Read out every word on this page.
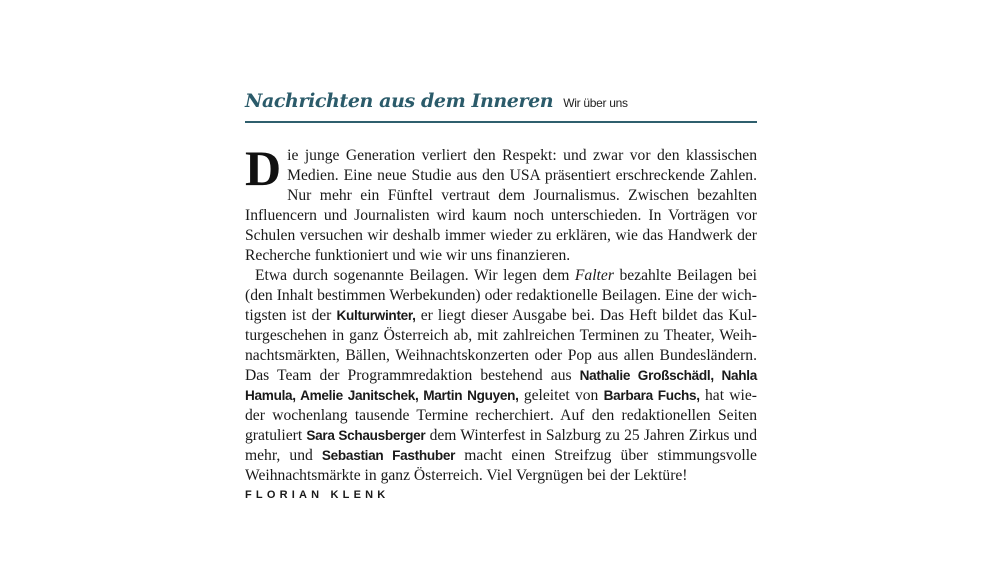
Nachrichten aus dem Inneren Wir über uns

Die junge Generation verliert den Respekt: und zwar vor den klassischen Medien. Eine neue Studie aus den USA präsentiert erschreckende Zahlen. Nur mehr ein Fünftel vertraut dem Journalismus. Zwischen bezahlten Influencern und Journalisten wird kaum noch unterschieden. In Vorträgen vor Schulen versuchen wir deshalb immer wieder zu erklären, wie das Handwerk der Recherche funktioniert und wie wir uns finanzieren.

Etwa durch sogenannte Beilagen. Wir legen dem Falter bezahlte Beilagen bei (den Inhalt bestimmen Werbekunden) oder redaktionelle Beilagen. Eine der wichtigsten ist der Kulturwinter, er liegt dieser Ausgabe bei. Das Heft bildet das Kulturgeschehen in ganz Österreich ab, mit zahlreichen Terminen zu Theater, Weihnachtsmärkten, Bällen, Weihnachtskonzerten oder Pop aus allen Bundesländern. Das Team der Programmredaktion bestehend aus Nathalie Großschädl, Nahla Hamula, Amelie Janitschek, Martin Nguyen, geleitet von Barbara Fuchs, hat wieder wochenlang tausende Termine recherchiert. Auf den redaktionellen Seiten gratuliert Sara Schausberger dem Winterfest in Salzburg zu 25 Jahren Zirkus und mehr, und Sebastian Fasthuber macht einen Streifzug über stimmungsvolle Weihnachtsmärkte in ganz Österreich. Viel Vergnügen bei der Lektüre!

FLORIAN KLENK
